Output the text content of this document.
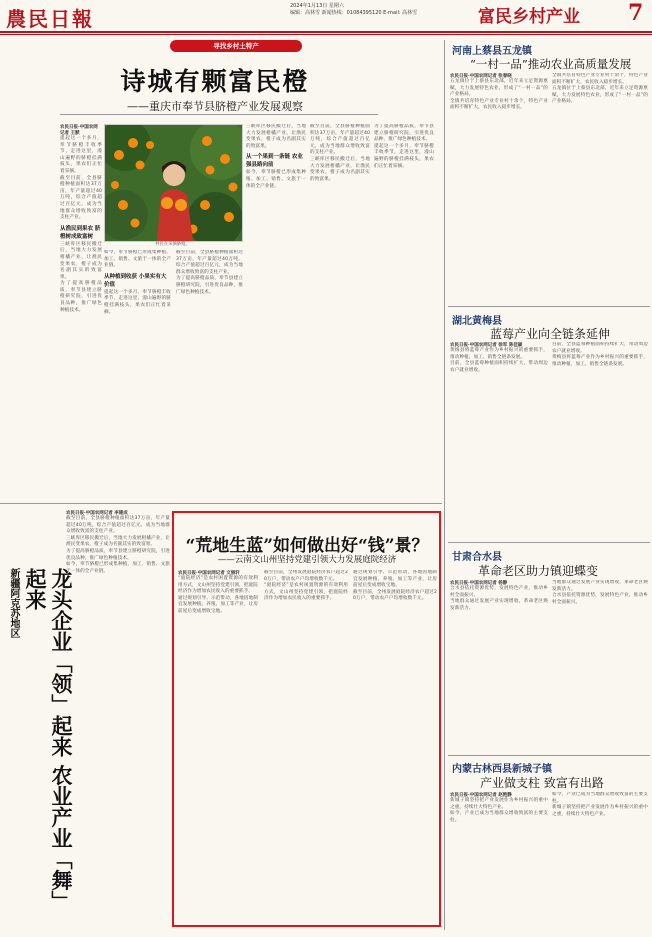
農民日報
2024年1月13日 星期六
编辑：高林雪 新闻热线：01084395120 E-mail: 高林雪	富民乡村产业 7
寻找乡村土特产
诗城有颗富民橙
——重庆市奉节县脐橙产业发展观察
农民日报·中国农网记者 王默
提起这一个多月，奉节脐橙丰收季节，走进这里，漫山遍野的脐橙挂满枝头，果农们正忙着采摘。
截至目前，全县脐橙种植面积达37万亩，年产量超过40万吨，综合产值超过百亿元，成为当地群众增收致富的支柱产业。
从渔民到果农 脐橙树成致富树
三峡库区移民搬迁后，当地大力发展柑橘产业，让渔民变果农，橙子成为名副其实的致富果。
为了提高脐橙品质，奉节县建立脐橙研究院，引进优良品种，推广绿色种植技术。
村民在采摘脐橙。
如今，奉节脐橙已形成集种植、加工、销售、文旅于一体的全产业链。
从种植到收获 小果实有大价值
提起这一个多月，奉节脐橙丰收季节，走进这里，漫山遍野的脐橙挂满枝头，果农们正忙着采摘。
截至目前，全县脐橙种植面积达37万亩，年产量超过40万吨，综合产值超过百亿元，成为当地群众增收致富的支柱产业。
为了提高脐橙品质，奉节县建立脐橙研究院，引进优良品种，推广绿色种植技术。
三峡库区移民搬迁后，当地大力发展柑橘产业，让渔民变果农，橙子成为名副其实的致富果。
从一个果到一条链 农业强县路向前
如今，奉节脐橙已形成集种植、加工、销售、文旅于一体的全产业链。
截至目前，全县脐橙种植面积达37万亩，年产量超过40万吨，综合产值超过百亿元，成为当地群众增收致富的支柱产业。
三峡库区移民搬迁后，当地大力发展柑橘产业，让渔民变果农，橙子成为名副其实的致富果。
为了提高脐橙品质，奉节县建立脐橙研究院，引进优良品种，推广绿色种植技术。
提起这一个多月，奉节脐橙丰收季节，走进这里，漫山遍野的脐橙挂满枝头，果农们正忙着采摘。
新疆阿克苏地区	龙头企业「领」起来 农业产业「舞」起来
农民日报·中国农网记者 李建成
截至目前，全县脐橙种植面积达37万亩，年产量超过40万吨，综合产值超过百亿元，成为当地群众增收致富的支柱产业。
三峡库区移民搬迁后，当地大力发展柑橘产业，让渔民变果农，橙子成为名副其实的致富果。
为了提高脐橙品质，奉节县建立脐橙研究院，引进优良品种，推广绿色种植技术。
如今，奉节脐橙已形成集种植、加工、销售、文旅于一体的全产业链。
“荒地生蓝”如何做出好“钱”景？
——云南文山州坚持党建引领大力发展庭院经济
农民日报·中国农网记者 文丽轩
“庭院经济”是农村闲置资源的有效利用方式，文山州坚持党建引领，把庭院经济作为增加农民收入的重要抓手。
通过规划引导、示范带动，各地因地制宜发展种植、养殖、加工等产业，让房前屋后变成增收宝地。
截至目前，全州发展庭院经济农户超过20万户，带动农户户均增收数千元。
“庭院经济”是农村闲置资源的有效利用方式，文山州坚持党建引领，把庭院经济作为增加农民收入的重要抓手。
通过规划引导、示范带动，各地因地制宜发展种植、养殖、加工等产业，让房前屋后变成增收宝地。
截至目前，全州发展庭院经济农户超过20万户，带动农户户均增收数千元。
河南上蔡县五龙镇
“一村一品”推动农业高质量发展
农民日报·中国农网记者 张春晓
五龙镇位于上蔡县东北部，近年来立足资源禀赋，大力发展特色农业，形成了“一村一品”的产业格局。
全镇共培育特色产业专业村十余个，特色产业面积不断扩大，农民收入稳步增长。
全镇共培育特色产业专业村十余个，特色产业面积不断扩大，农民收入稳步增长。
五龙镇位于上蔡县东北部，近年来立足资源禀赋，大力发展特色农业，形成了“一村一品”的产业格局。
湖北黄梅县
蓝莓产业向全链条延伸
农民日报·中国农网记者 徐军 陈佳颖
黄梅县将蓝莓产业作为乡村振兴的重要抓手，推动种植、加工、销售全链条发展。
目前，全县蓝莓种植面积持续扩大，带动周边农户就业增收。
目前，全县蓝莓种植面积持续扩大，带动周边农户就业增收。
黄梅县将蓝莓产业作为乡村振兴的重要抓手，推动种植、加工、销售全链条发展。
甘肃合水县
革命老区助力镇迎蝶变
农民日报·中国农网记者 杨静
合水县依托资源优势，发展特色产业，推动乡村全面振兴。
当地群众通过发展产业实现增收，革命老区焕发新活力。
当地群众通过发展产业实现增收，革命老区焕发新活力。
合水县依托资源优势，发展特色产业，推动乡村全面振兴。
内蒙古林西县新城子镇
产业做支柱 致富有出路
农民日报·中国农网记者 赵艳静
新城子镇坚持把产业发展作为乡村振兴的重中之重，持续壮大特色产业。
如今，产业已成为当地群众增收致富的主要支柱。
如今，产业已成为当地群众增收致富的主要支柱。
新城子镇坚持把产业发展作为乡村振兴的重中之重，持续壮大特色产业。
